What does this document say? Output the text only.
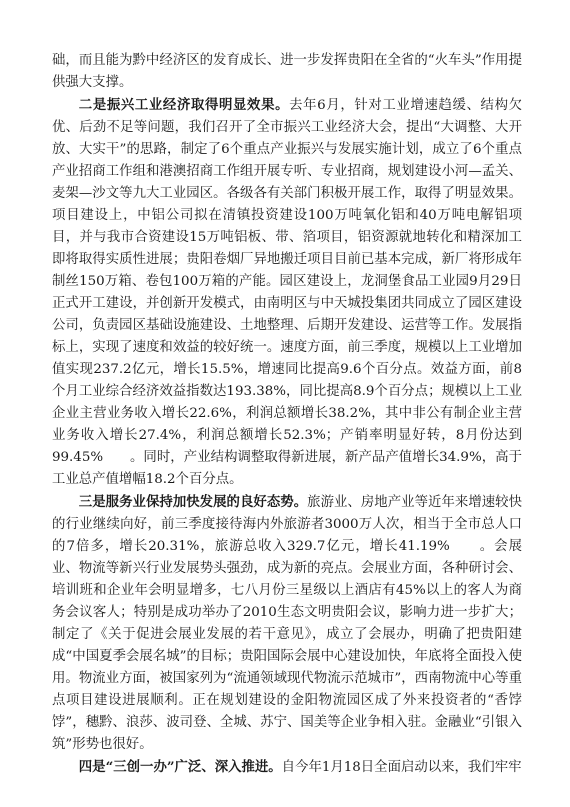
础，而且能为黔中经济区的发育成长、进一步发挥贵阳在全省的“火车头”作用提供强大支撑。

二是振兴工业经济取得明显效果。去年6月，针对工业增速趋缓、结构欠优、后劲不足等问题，我们召开了全市振兴工业经济大会，提出“大调整、大开放、大实干”的思路，制定了6个重点产业振兴与发展实施计划，成立了6个重点产业招商工作组和港澳招商工作组开展专听、专业招商，规划建设小河—孟关、麦架—沙文等九大工业园区。各级各有关部门积极开展工作，取得了明显效果。项目建设上，中铝公司拟在清镇投资建设100万吨氧化铝和40万吨电解铝项目，并与我市合资建设15万吨铝板、带、箔项目，铝资源就地转化和精深加工即将取得实质性进展；贵阳卷烟厂异地搬迁项目目前已基本完成，新厂将形成年制丝150万箱、卷包100万箱的产能。园区建设上，龙洞堡食品工业园9月29日正式开工建设，并创新开发模式，由南明区与中天城投集团共同成立了园区建设公司，负责园区基础设施建设、土地整理、后期开发建设、运营等工作。发展指标上，实现了速度和效益的较好统一。速度方面，前三季度，规模以上工业增加值实现237.2亿元，增长15.5%，增速同比提高9.6个百分点。效益方面，前8个月工业综合经济效益指数达193.38%，同比提高8.9个百分点；规模以上工业企业主营业务收入增长22.6%，利润总额增长38.2%，其中非公有制企业主营业务收入增长27.4%，利润总额增长52.3%；产销率明显好转，8月份达到99.45%　　。同时，产业结构调整取得新进展，新产品产值增长34.9%，高于工业总产值增幅18.2个百分点。

三是服务业保持加快发展的良好态势。旅游业、房地产业等近年来增速较快的行业继续向好，前三季度接待海内外旅游者3000万人次，相当于全市总人口的7倍多，增长20.31%，旅游总收入329.7亿元，增长41.19%　　。会展业、物流等新兴行业发展势头强劲，成为新的亮点。会展业方面，各种研讨会、培训班和企业年会明显增多，七八月份三星级以上酒店有45%以上的客人为商务会议客人；特别是成功举办了2010生态文明贵阳会议，影响力进一步扩大；制定了《关于促进会展业发展的若干意见》，成立了会展办，明确了把贵阳建成“中国夏季会展名城”的目标；贵阳国际会展中心建设加快，年底将全面投入使用。物流业方面，被国家列为“流通领域现代物流示范城市”，西南物流中心等重点项目建设进展顺利。正在规划建设的金阳物流园区成了外来投资者的“香饽饽”，穗黔、浪莎、波司登、全城、苏宁、国美等企业争相入驻。金融业“引银入筑”形势也很好。

四是“三创一办”广泛、深入推进。自今年1月18日全面启动以来，我们牢牢
